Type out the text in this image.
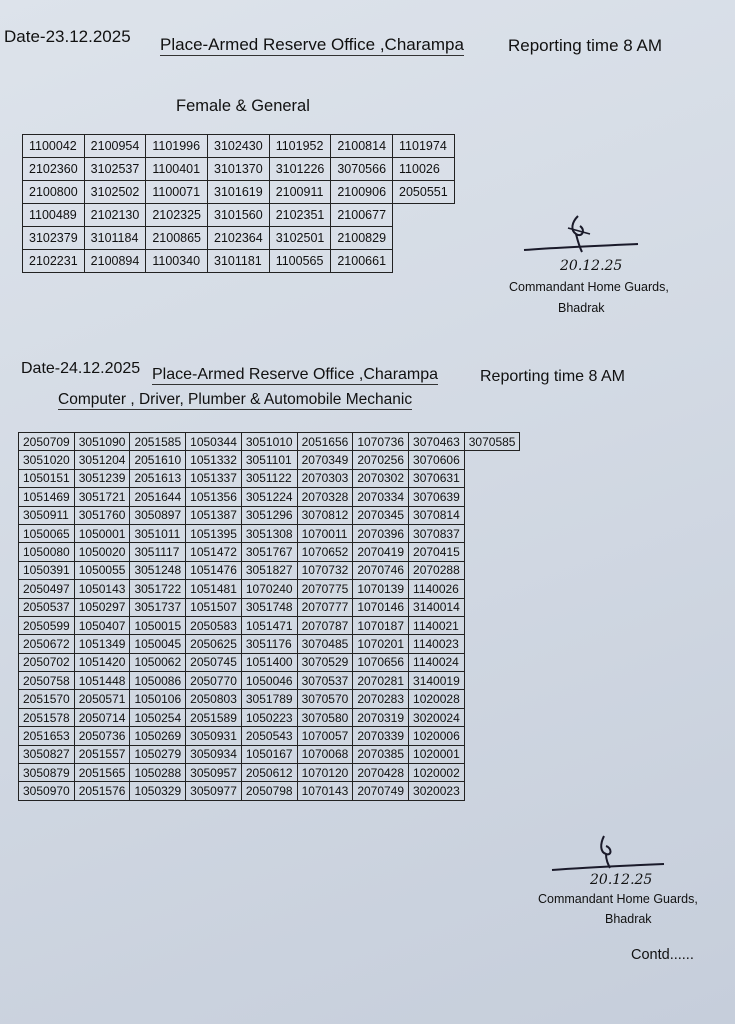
Date-23.12.2025 Place-Armed Reserve Office ,Charampa	Reporting time 8 AM
Female & General
1100042	2100954	1101996	3102430	1101952	2100814	1101974
2102360	3102537	1100401	3101370	3101226	3070566	110026
2100800	3102502	1100071	3101619	2100911	2100906	2050551
1100489	2102130	2102325	3101560	2102351	2100677	
3102379	3101184	2100865	2102364	3102501	2100829	
2102231	2100894	1100340	3101181	1100565	2100661		20.12.25
Commandant Home Guards,
Bhadrak
Date-24.12.2025 Place-Armed Reserve Office ,Charampa	Reporting time 8 AM
Computer , Driver, Plumber & Automobile Mechanic
2050709	3051090	2051585	1050344	3051010	2051656	1070736	3070463	3070585
3051020	3051204	2051610	1051332	3051101	2070349	2070256	3070606	
1050151	3051239	2051613	1051337	3051122	2070303	2070302	3070631	
1051469	3051721	2051644	1051356	3051224	2070328	2070334	3070639	
3050911	3051760	3050897	1051387	3051296	3070812	2070345	3070814	
1050065	1050001	3051011	1051395	3051308	1070011	2070396	3070837	
1050080	1050020	3051117	1051472	3051767	1070652	2070419	2070415	
1050391	1050055	3051248	1051476	3051827	1070732	2070746	2070288	
2050497	1050143	3051722	1051481	1070240	2070775	1070139	1140026	
2050537	1050297	3051737	1051507	3051748	2070777	1070146	3140014	
2050599	1050407	1050015	2050583	1051471	2070787	1070187	1140021	
2050672	1051349	1050045	2050625	3051176	3070485	1070201	1140023	
2050702	1051420	1050062	2050745	1051400	3070529	1070656	1140024	
2050758	1051448	1050086	2050770	1050046	3070537	2070281	3140019	
2051570	2050571	1050106	2050803	3051789	3070570	2070283	1020028	
2051578	2050714	1050254	2051589	1050223	3070580	2070319	3020024	
2051653	2050736	1050269	3050931	2050543	1070057	2070339	1020006	
3050827	2051557	1050279	3050934	1050167	1070068	2070385	1020001	
3050879	2051565	1050288	3050957	2050612	1070120	2070428	1020002	
3050970	2051576	1050329	3050977	2050798	1070143	2070749	3020023	
20.12.25
Commandant Home Guards,
Bhadrak
Contd......
